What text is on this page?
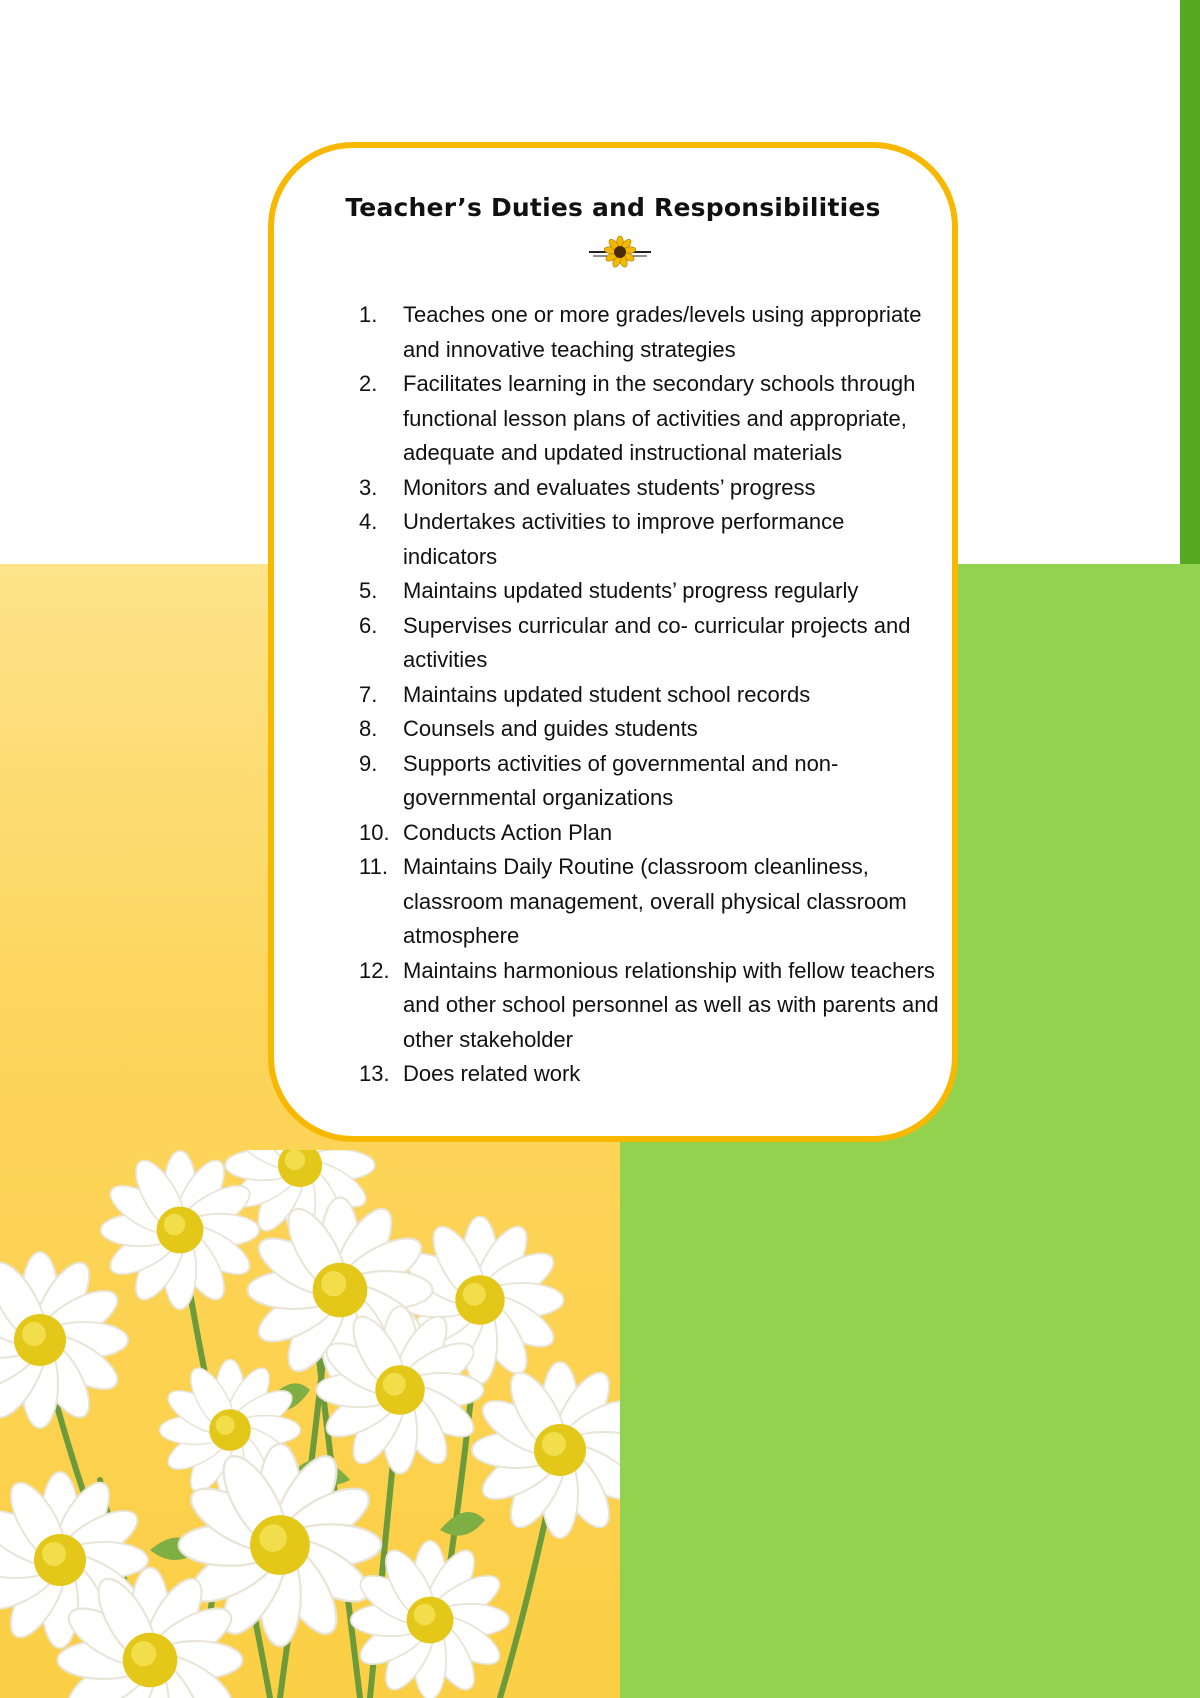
Teacher’s Duties and Responsibilities
1. Teaches one or more grades/levels using appropriate and innovative teaching strategies
2. Facilitates learning in the secondary schools through functional lesson plans of activities and appropriate, adequate and updated instructional materials
3. Monitors and evaluates students’ progress
4. Undertakes activities to improve performance indicators
5. Maintains updated students’ progress regularly
6. Supervises curricular and co- curricular projects and activities
7. Maintains updated student school records
8. Counsels and guides students
9. Supports activities of governmental and non-governmental organizations
10. Conducts Action Plan
11. Maintains Daily Routine (classroom cleanliness, classroom management, overall physical classroom atmosphere
12. Maintains harmonious relationship with fellow teachers and other school personnel as well as with parents and other stakeholder
13. Does related work
